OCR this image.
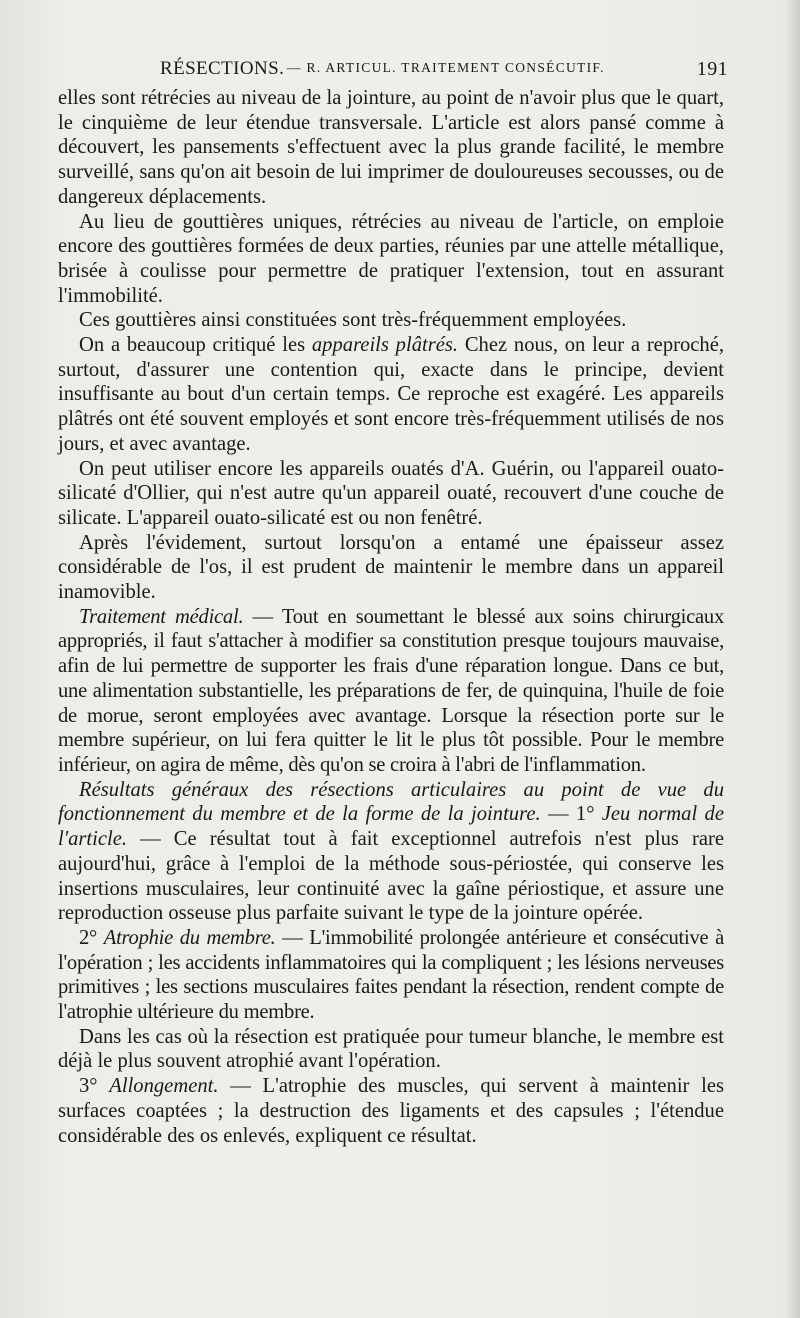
RÉSECTIONS. — R. ARTICUL. TRAITEMENT CONSÉCUTIF.	191

elles sont rétrécies au niveau de la jointure, au point de n'avoir plus que le quart, le cinquième de leur étendue transversale. L'article est alors pansé comme à découvert, les pansements s'effectuent avec la plus grande facilité, le membre surveillé, sans qu'on ait besoin de lui imprimer de douloureuses secousses, ou de dangereux déplacements.

Au lieu de gouttières uniques, rétrécies au niveau de l'article, on emploie encore des gouttières formées de deux parties, réunies par une attelle métallique, brisée à coulisse pour permettre de pratiquer l'extension, tout en assurant l'immobilité.

Ces gouttières ainsi constituées sont très-fréquemment employées.

On a beaucoup critiqué les appareils plâtrés. Chez nous, on leur a reproché, surtout, d'assurer une contention qui, exacte dans le principe, devient insuffisante au bout d'un certain temps. Ce reproche est exagéré. Les appareils plâtrés ont été souvent employés et sont encore très-fréquemment utilisés de nos jours, et avec avantage.

On peut utiliser encore les appareils ouatés d'A. Guérin, ou l'appareil ouato-silicaté d'Ollier, qui n'est autre qu'un appareil ouaté, recouvert d'une couche de silicate. L'appareil ouato-silicaté est ou non fenêtré.

Après l'évidement, surtout lorsqu'on a entamé une épaisseur assez considérable de l'os, il est prudent de maintenir le membre dans un appareil inamovible.

Traitement médical. — Tout en soumettant le blessé aux soins chirurgicaux appropriés, il faut s'attacher à modifier sa constitution presque toujours mauvaise, afin de lui permettre de supporter les frais d'une réparation longue. Dans ce but, une alimentation substantielle, les préparations de fer, de quinquina, l'huile de foie de morue, seront employées avec avantage. Lorsque la résection porte sur le membre supérieur, on lui fera quitter le lit le plus tôt possible. Pour le membre inférieur, on agira de même, dès qu'on se croira à l'abri de l'inflammation.

Résultats généraux des résections articulaires au point de vue du fonctionnement du membre et de la forme de la jointure. — 1° Jeu normal de l'article. — Ce résultat tout à fait exceptionnel autrefois n'est plus rare aujourd'hui, grâce à l'emploi de la méthode sous-périostée, qui conserve les insertions musculaires, leur continuité avec la gaîne périostique, et assure une reproduction osseuse plus parfaite suivant le type de la jointure opérée.

2° Atrophie du membre. — L'immobilité prolongée antérieure et consécutive à l'opération ; les accidents inflammatoires qui la compliquent ; les lésions nerveuses primitives ; les sections musculaires faites pendant la résection, rendent compte de l'atrophie ultérieure du membre.

Dans les cas où la résection est pratiquée pour tumeur blanche, le membre est déjà le plus souvent atrophié avant l'opération.

3° Allongement. — L'atrophie des muscles, qui servent à maintenir les surfaces coaptées ; la destruction des ligaments et des capsules ; l'étendue considérable des os enlevés, expliquent ce résultat.
